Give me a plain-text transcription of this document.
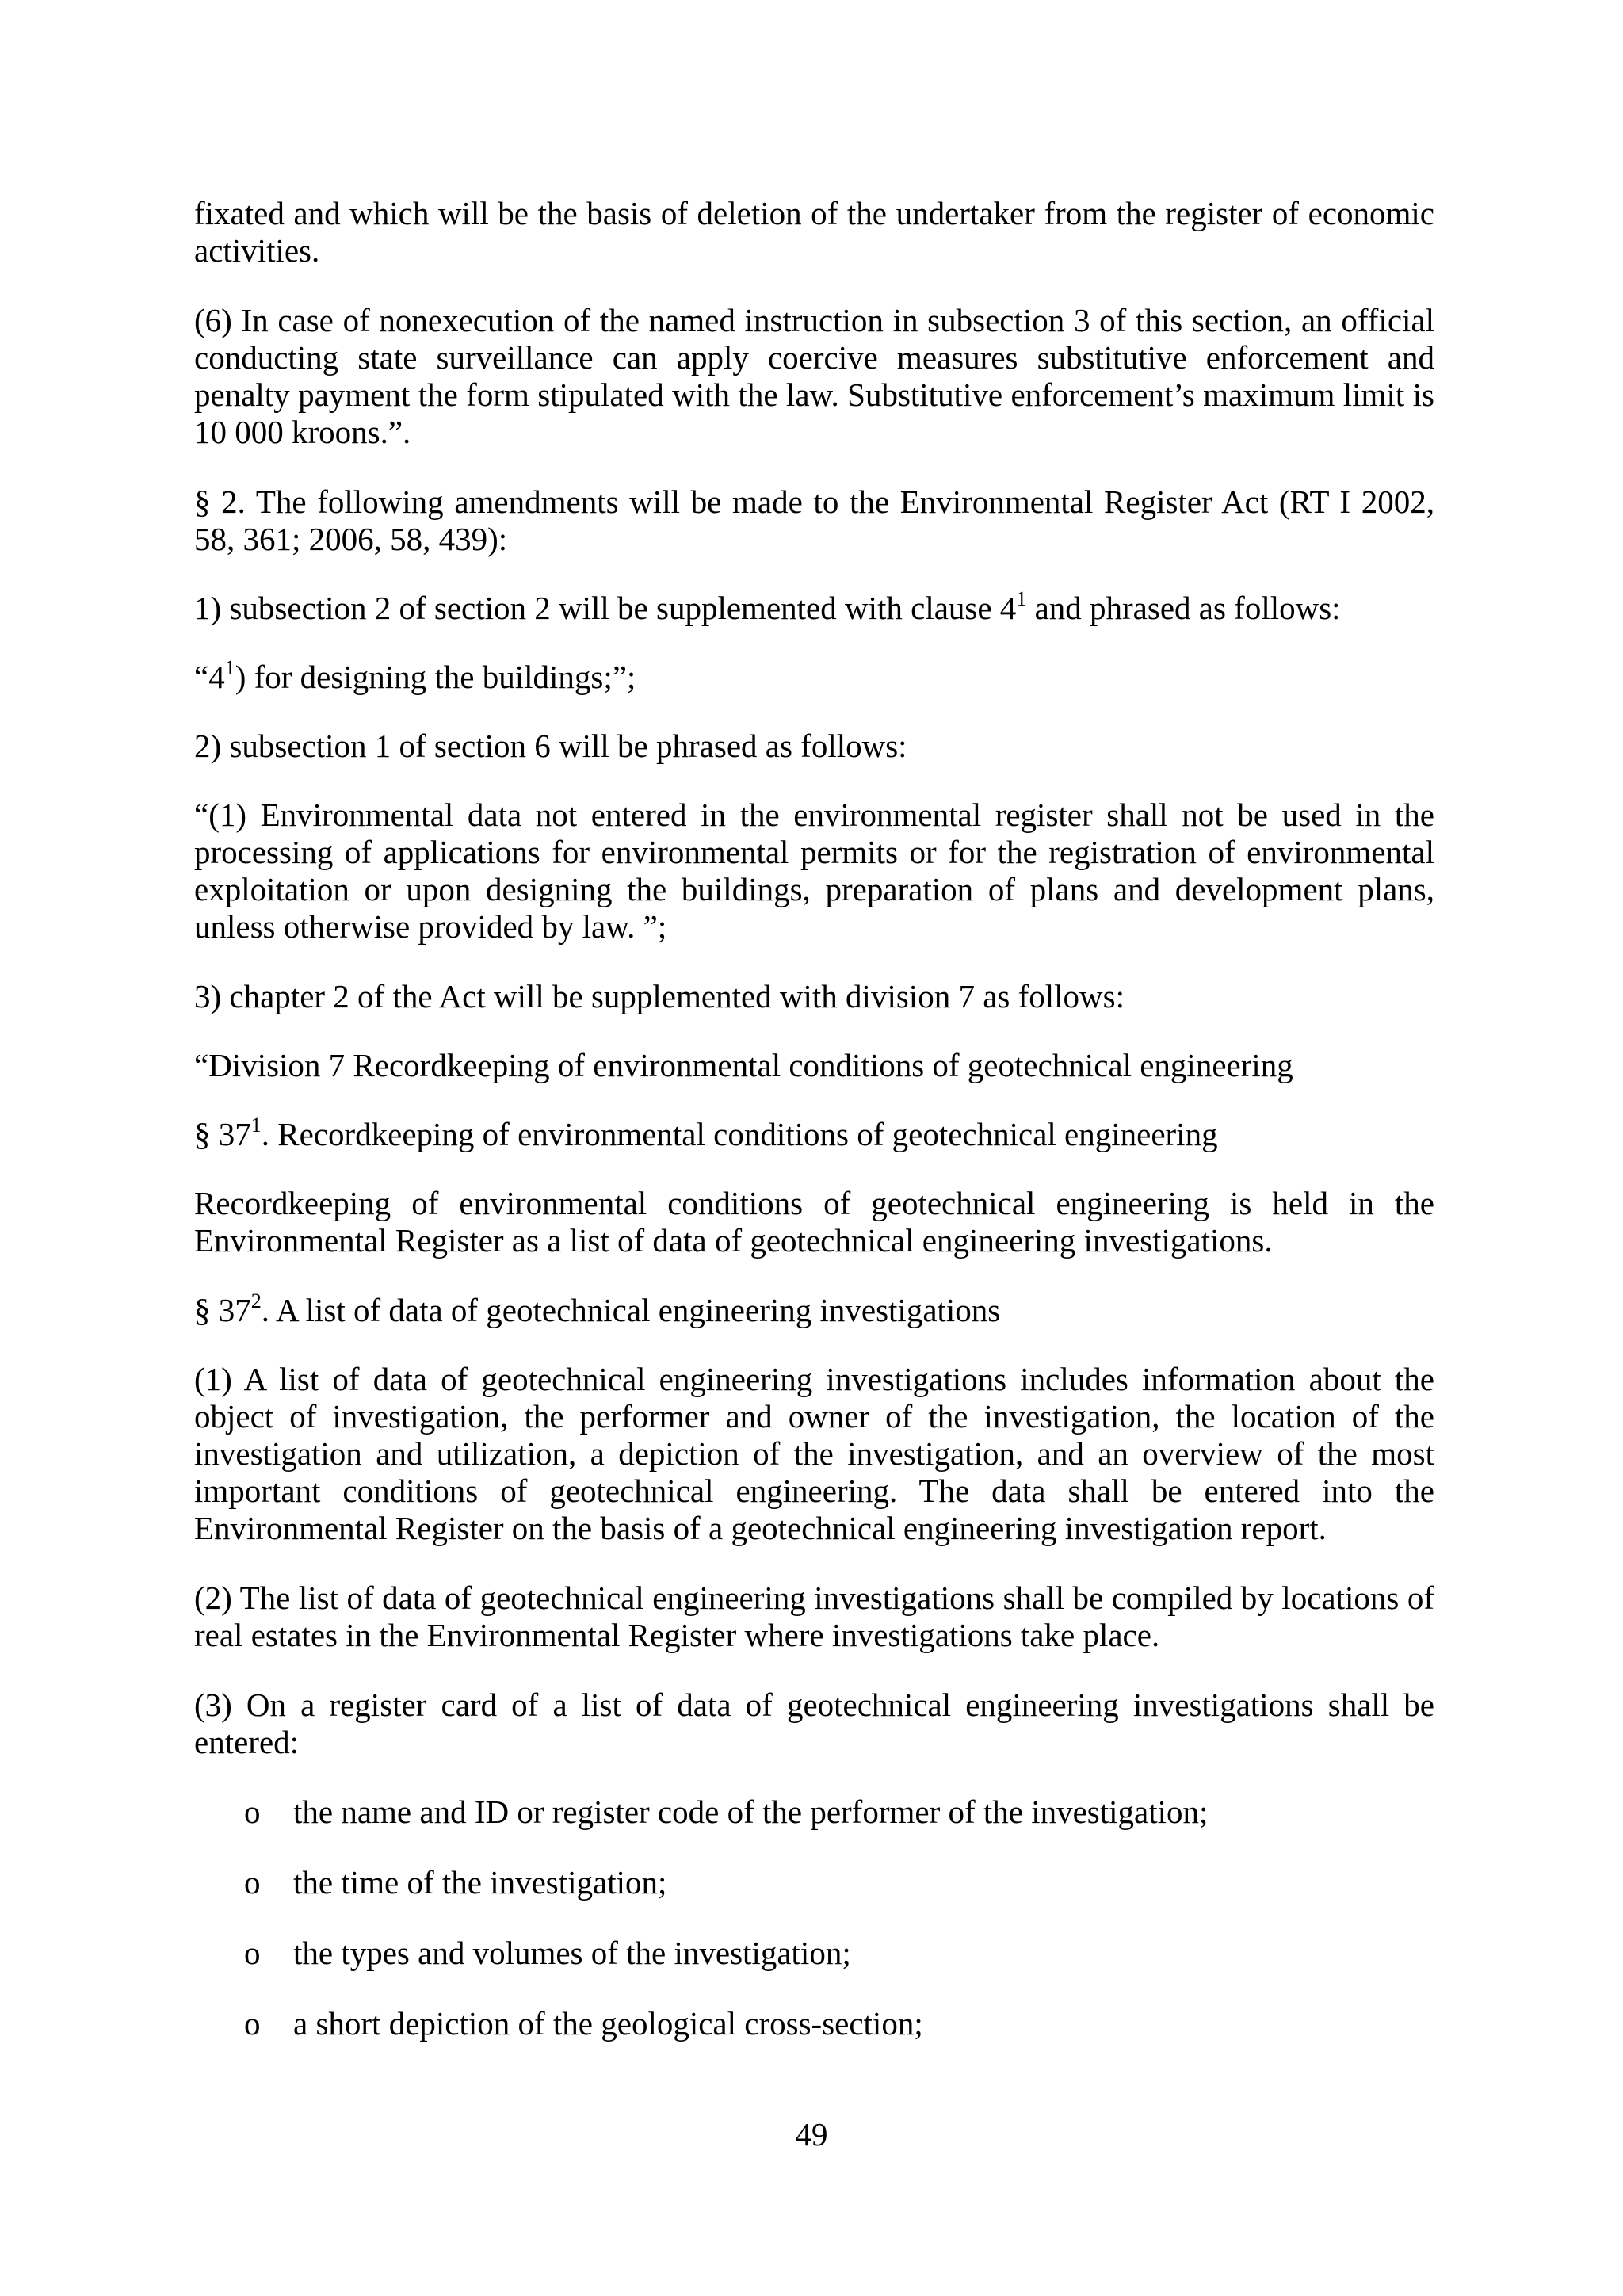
fixated and which will be the basis of deletion of the undertaker from the register of economic activities.

(6) In case of nonexecution of the named instruction in subsection 3 of this section, an official conducting state surveillance can apply coercive measures substitutive enforcement and penalty payment the form stipulated with the law. Substitutive enforcement’s maximum limit is 10 000 kroons.”.

§ 2. The following amendments will be made to the Environmental Register Act (RT I 2002, 58, 361; 2006, 58, 439):

1) subsection 2 of section 2 will be supplemented with clause $4^1$ and phrased as follows:

“$4^1$) for designing the buildings;”;

2) subsection 1 of section 6 will be phrased as follows:

“(1) Environmental data not entered in the environmental register shall not be used in the processing of applications for environmental permits or for the registration of environmental exploitation or upon designing the buildings, preparation of plans and development plans, unless otherwise provided by law. ”;

3) chapter 2 of the Act will be supplemented with division 7 as follows:

“Division 7 Recordkeeping of environmental conditions of geotechnical engineering

§ $37^1$. Recordkeeping of environmental conditions of geotechnical engineering

Recordkeeping of environmental conditions of geotechnical engineering is held in the Environmental Register as a list of data of geotechnical engineering investigations.

§ $37^2$. A list of data of geotechnical engineering investigations

(1) A list of data of geotechnical engineering investigations includes information about the object of investigation, the performer and owner of the investigation, the location of the investigation and utilization, a depiction of the investigation, and an overview of the most important conditions of geotechnical engineering. The data shall be entered into the Environmental Register on the basis of a geotechnical engineering investigation report.

(2) The list of data of geotechnical engineering investigations shall be compiled by locations of real estates in the Environmental Register where investigations take place.

(3) On a register card of a list of data of geotechnical engineering investigations shall be entered:

o the name and ID or register code of the performer of the investigation;
o the time of the investigation;
o the types and volumes of the investigation;
o a short depiction of the geological cross-section;
49
